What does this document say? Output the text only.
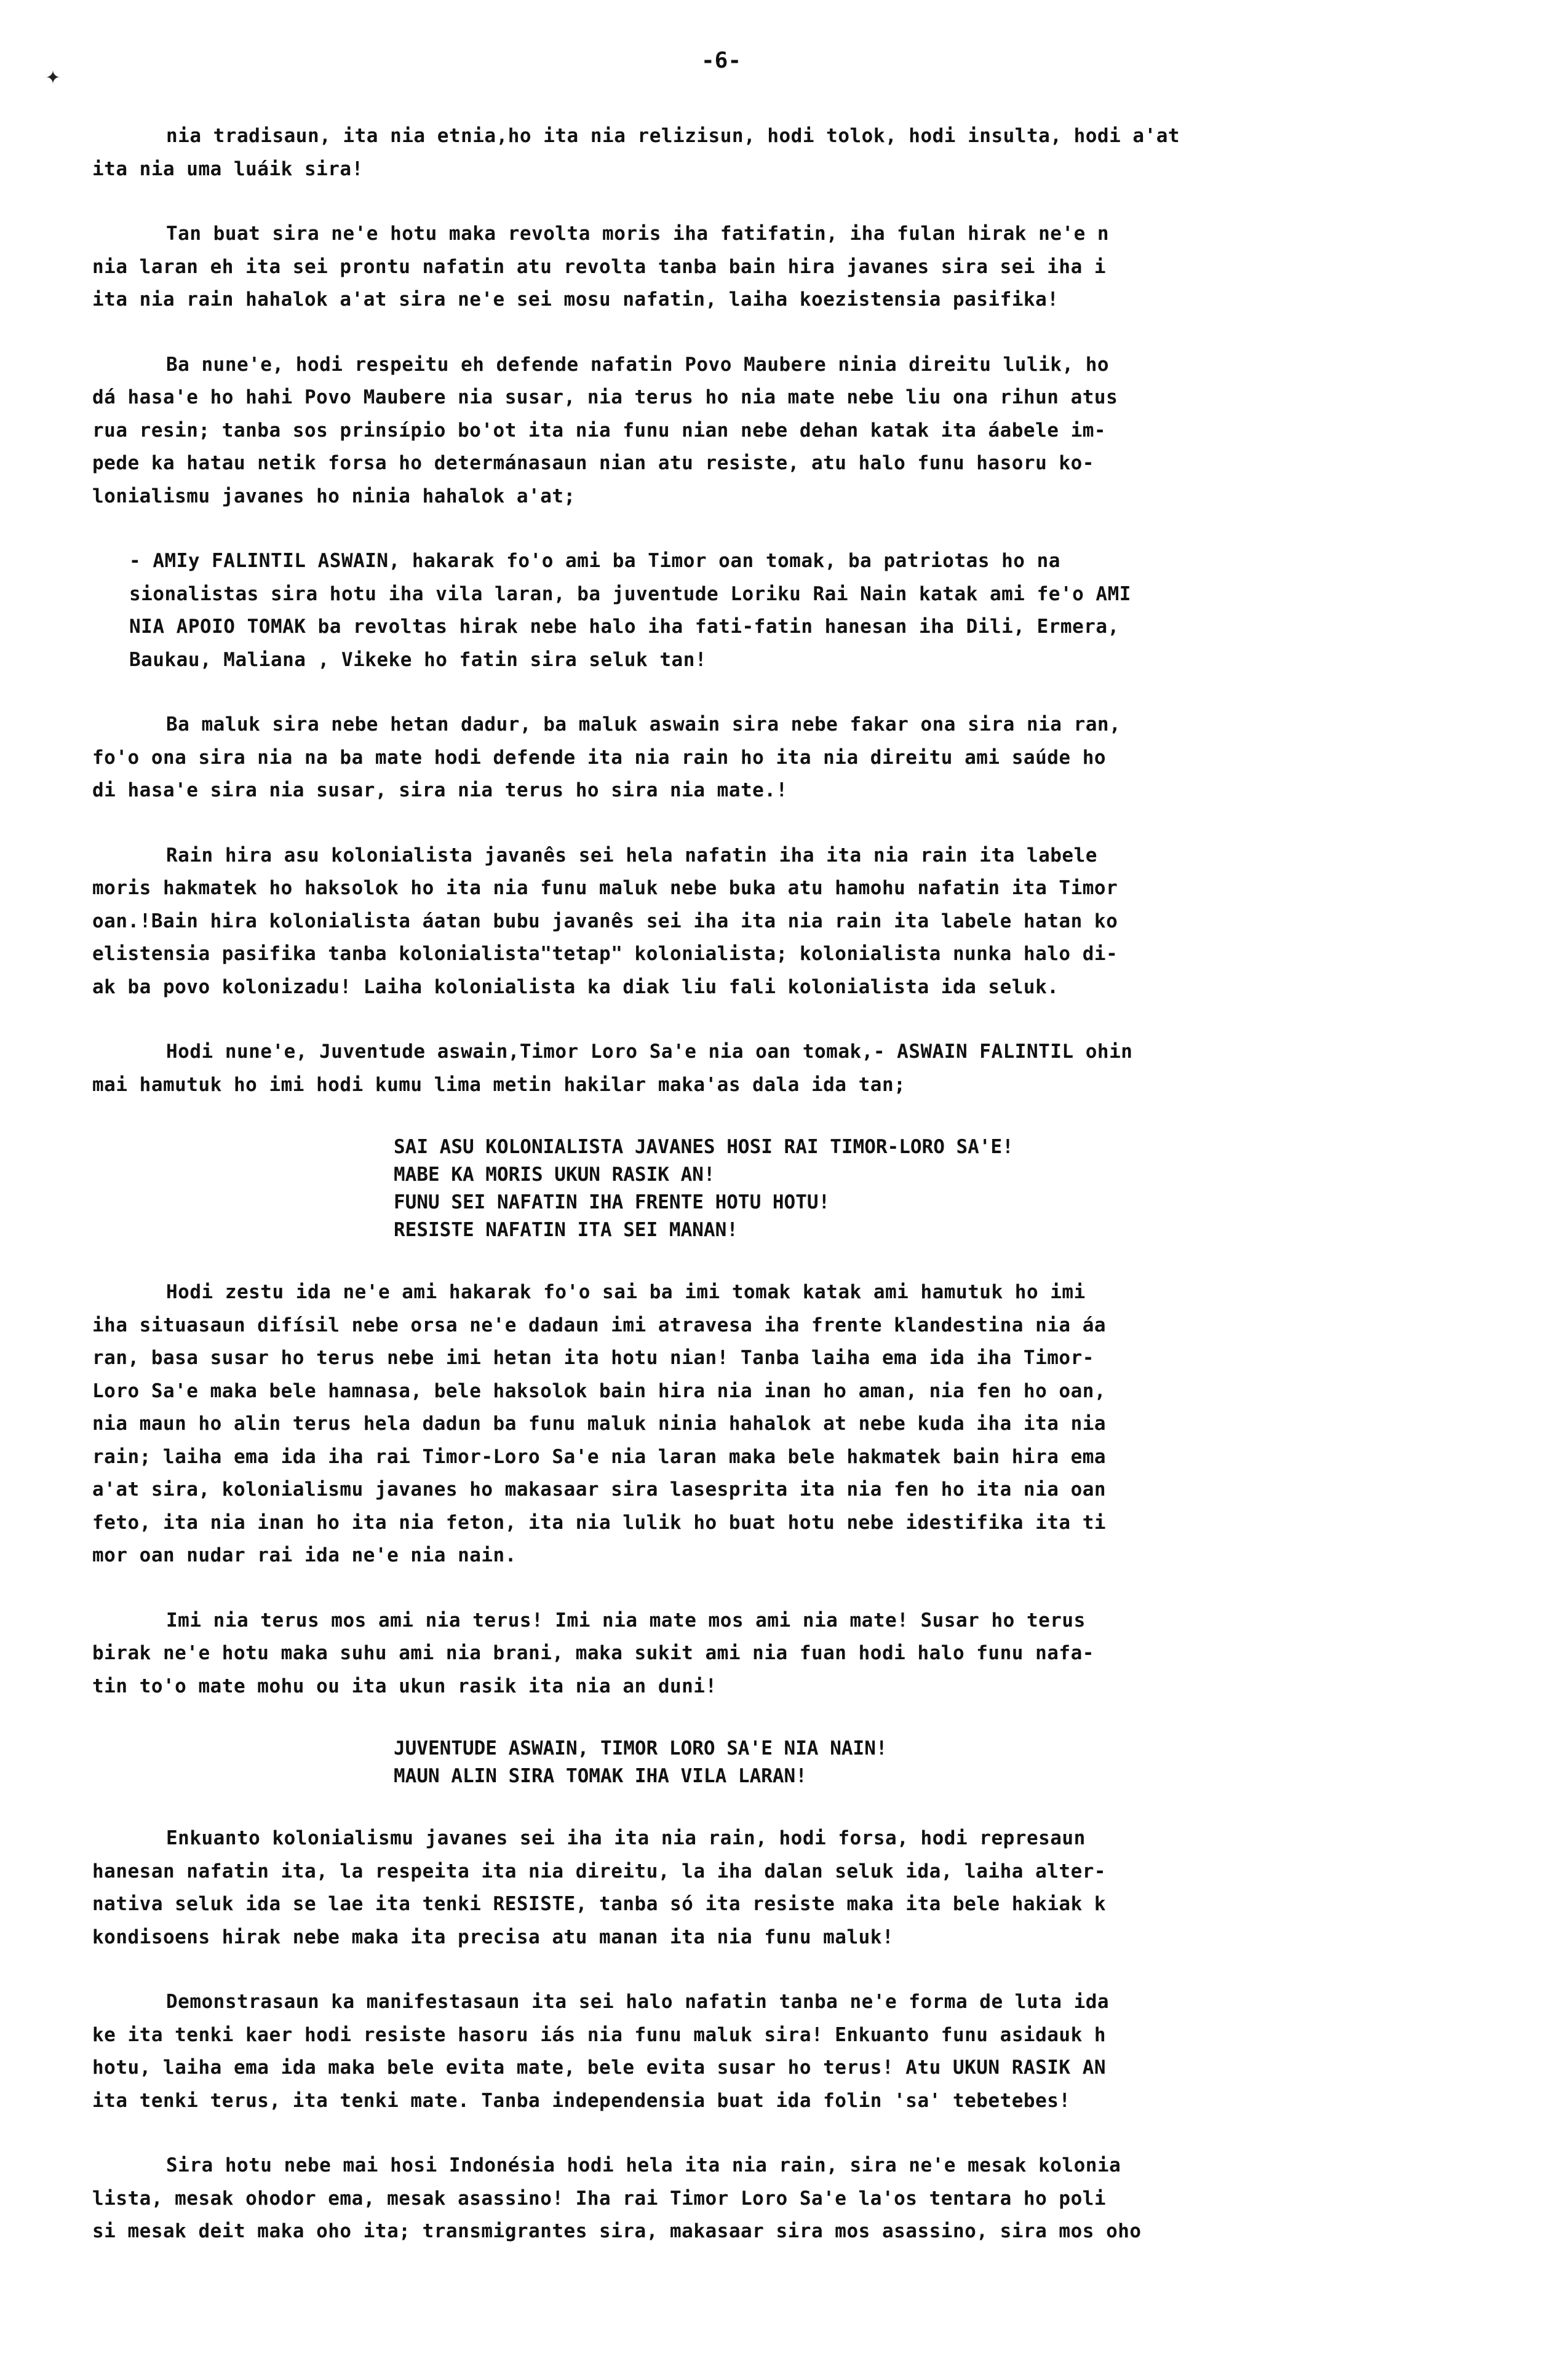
✦
-6-
nia tradisaun, ita nia etnia,ho ita nia relizisun, hodi tolok, hodi insulta, hodi a'at
ita nia uma luáik sira!
Tan buat sira ne'e hotu maka revolta moris iha fatifatin, iha fulan hirak ne'e n
nia laran eh ita sei prontu nafatin atu revolta tanba bain hira javanes sira sei iha i
ita nia rain hahalok a'at sira ne'e sei mosu nafatin, laiha koezistensia pasifika!
Ba nune'e, hodi respeitu eh defende nafatin Povo Maubere ninia direitu lulik, ho
dá hasa'e ho hahi Povo Maubere nia susar, nia terus ho nia mate nebe liu ona rihun atus
rua resin; tanba sos prinsípio bo'ot ita nia funu nian nebe dehan katak ita áabele im-
pede ka hatau netik forsa ho determánasaun nian atu resiste, atu halo funu hasoru ko-
lonialismu javanes ho ninia hahalok a'at;
- AMIy FALINTIL ASWAIN, hakarak fo'o ami ba Timor oan tomak, ba patriotas ho na
sionalistas sira hotu iha vila laran, ba juventude Loriku Rai Nain katak ami fe'o AMI
NIA APOIO TOMAK ba revoltas hirak nebe halo iha fati-fatin hanesan iha Dili, Ermera,
Baukau, Maliana , Vikeke ho fatin sira seluk tan!
Ba maluk sira nebe hetan dadur, ba maluk aswain sira nebe fakar ona sira nia ran,
fo'o ona sira nia na ba mate hodi defende ita nia rain ho ita nia direitu ami saúde ho
di hasa'e sira nia susar, sira nia terus ho sira nia mate.!
Rain hira asu kolonialista javanês sei hela nafatin iha ita nia rain ita labele
moris hakmatek ho haksolok ho ita nia funu maluk nebe buka atu hamohu nafatin ita Timor
oan.!Bain hira kolonialista áatan bubu javanês sei iha ita nia rain ita labele hatan ko
elistensia pasifika tanba kolonialista"tetap" kolonialista; kolonialista nunka halo di-
ak ba povo kolonizadu! Laiha kolonialista ka diak liu fali kolonialista ida seluk.
Hodi nune'e, Juventude aswain,Timor Loro Sa'e nia oan tomak,- ASWAIN FALINTIL ohin
mai hamutuk ho imi hodi kumu lima metin hakilar maka'as dala ida tan;
SAI ASU KOLONIALISTA JAVANES HOSI RAI TIMOR-LORO SA'E!
MABE KA MORIS UKUN RASIK AN!
FUNU SEI NAFATIN IHA FRENTE HOTU HOTU!
RESISTE NAFATIN ITA SEI MANAN!
Hodi zestu ida ne'e ami hakarak fo'o sai ba imi tomak katak ami hamutuk ho imi
iha situasaun difísil nebe orsa ne'e dadaun imi atravesa iha frente klandestina nia áa
ran, basa susar ho terus nebe imi hetan ita hotu nian! Tanba laiha ema ida iha Timor-
Loro Sa'e maka bele hamnasa, bele haksolok bain hira nia inan ho aman, nia fen ho oan,
nia maun ho alin terus hela dadun ba funu maluk ninia hahalok at nebe kuda iha ita nia
rain; laiha ema ida iha rai Timor-Loro Sa'e nia laran maka bele hakmatek bain hira ema
a'at sira, kolonialismu javanes ho makasaar sira lasesprita ita nia fen ho ita nia oan
feto, ita nia inan ho ita nia feton, ita nia lulik ho buat hotu nebe idestifika ita ti
mor oan nudar rai ida ne'e nia nain.
Imi nia terus mos ami nia terus! Imi nia mate mos ami nia mate! Susar ho terus
birak ne'e hotu maka suhu ami nia brani, maka sukit ami nia fuan hodi halo funu nafa-
tin to'o mate mohu ou ita ukun rasik ita nia an duni!
JUVENTUDE ASWAIN, TIMOR LORO SA'E NIA NAIN!
MAUN ALIN SIRA TOMAK IHA VILA LARAN!
Enkuanto kolonialismu javanes sei iha ita nia rain, hodi forsa, hodi represaun
hanesan nafatin ita, la respeita ita nia direitu, la iha dalan seluk ida, laiha alter-
nativa seluk ida se lae ita tenki RESISTE, tanba só ita resiste maka ita bele hakiak k
kondisoens hirak nebe maka ita precisa atu manan ita nia funu maluk!
Demonstrasaun ka manifestasaun ita sei halo nafatin tanba ne'e forma de luta ida
ke ita tenki kaer hodi resiste hasoru iás nia funu maluk sira! Enkuanto funu asidauk h
hotu, laiha ema ida maka bele evita mate, bele evita susar ho terus! Atu UKUN RASIK AN
ita tenki terus, ita tenki mate. Tanba independensia buat ida folin 'sa' tebetebes!
Sira hotu nebe mai hosi Indonésia hodi hela ita nia rain, sira ne'e mesak kolonia
lista, mesak ohodor ema, mesak asassino! Iha rai Timor Loro Sa'e la'os tentara ho poli
si mesak deit maka oho ita; transmigrantes sira, makasaar sira mos asassino, sira mos oho
